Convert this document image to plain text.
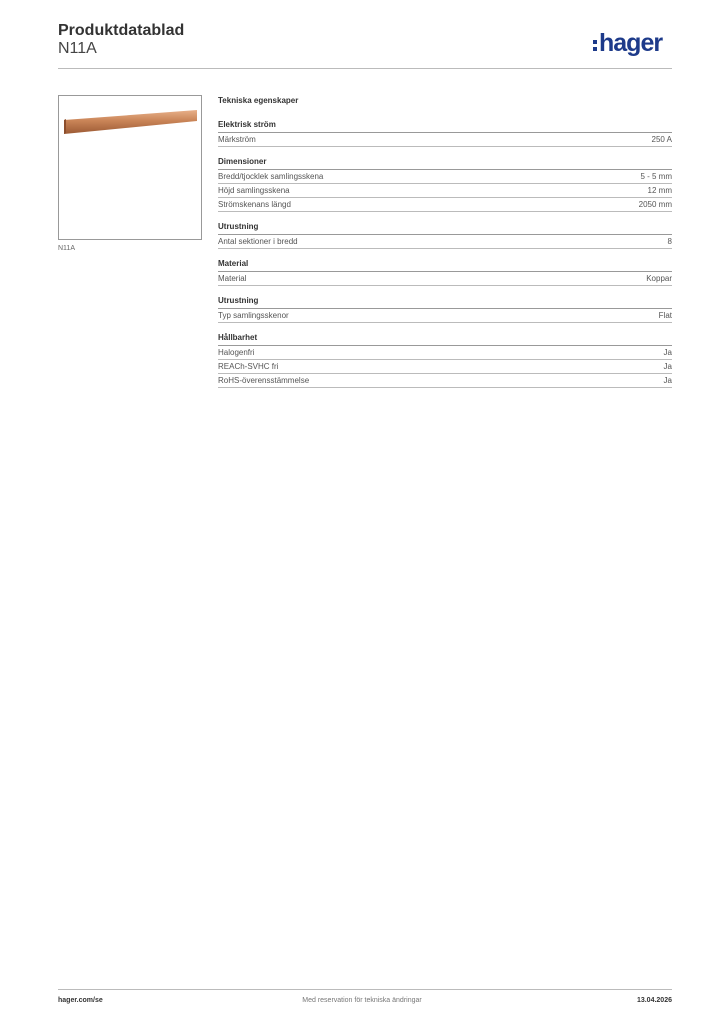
Produktdatablad
N11A	hager
N11A
Tekniska egenskaper
Elektrisk ström
Märkström	250 A
Dimensioner
Bredd/tjocklek samlingsskena	5 - 5 mm
Höjd samlingsskena	12 mm
Strömskenans längd	2050 mm
Utrustning
Antal sektioner i bredd	8
Material
Material	Koppar
Utrustning
Typ samlingsskenor	Flat
Hållbarhet
Halogenfri	Ja
REACh-SVHC fri	Ja
RoHS-överensstämmelse	Ja
hager.com/se	Med reservation för tekniska ändringar	13.04.2026
